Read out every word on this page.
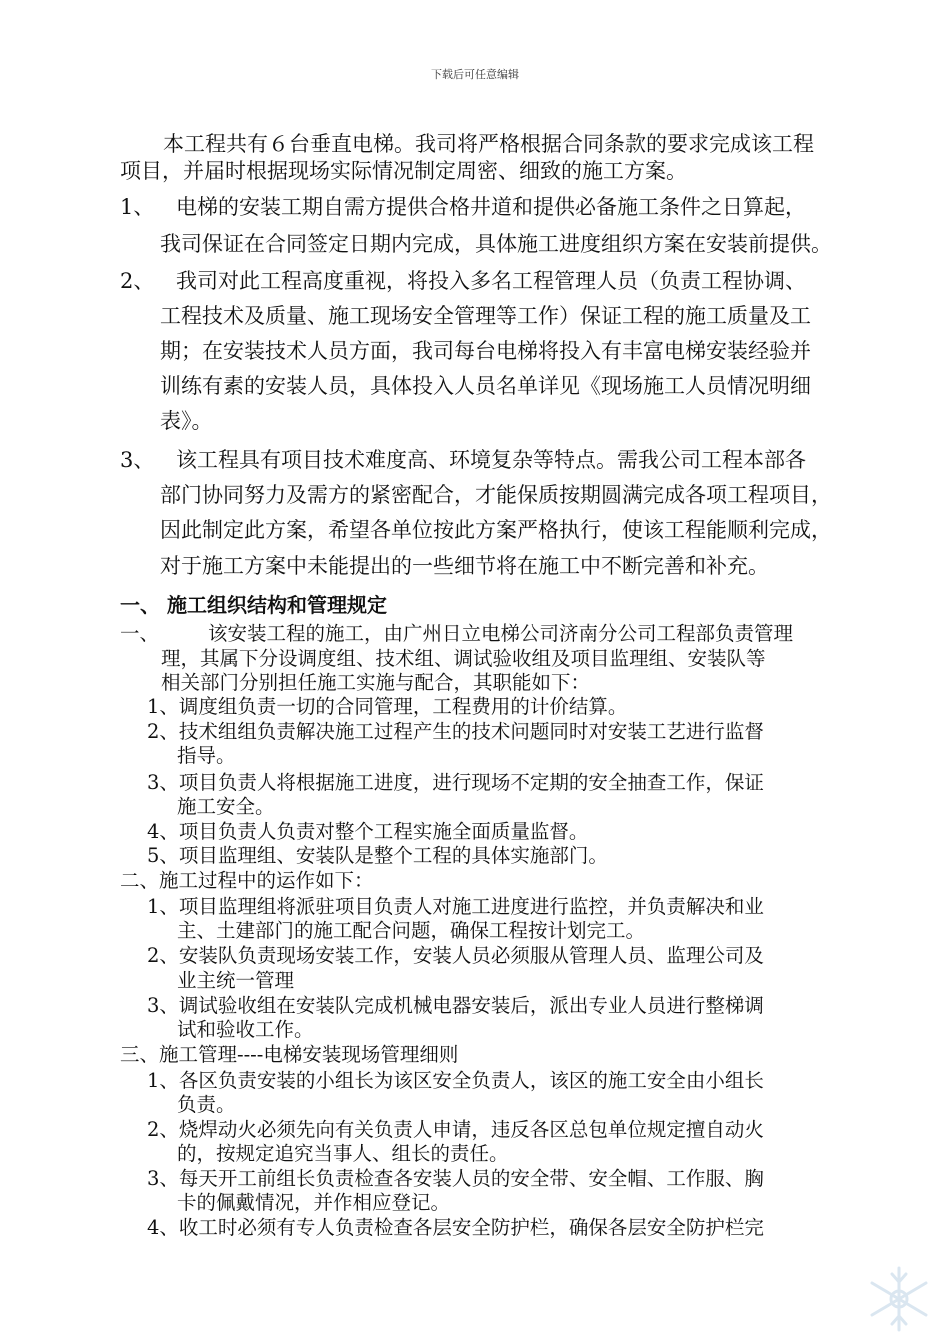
下载后可任意编辑
本工程共有６台垂直电梯。我司将严格根据合同条款的要求完成该工程
项目，并届时根据现场实际情况制定周密、细致的施工方案。
1、 电梯的安装工期自需方提供合格井道和提供必备施工条件之日算起，
我司保证在合同签定日期内完成，具体施工进度组织方案在安装前提供。
2、 我司对此工程高度重视，将投入多名工程管理人员（负责工程协调、
工程技术及质量、施工现场安全管理等工作）保证工程的施工质量及工
期；在安装技术人员方面，我司每台电梯将投入有丰富电梯安装经验并
训练有素的安装人员，具体投入人员名单详见《现场施工人员情况明细
表》。
3、 该工程具有项目技术难度高、环境复杂等特点。需我公司工程本部各
部门协同努力及需方的紧密配合，才能保质按期圆满完成各项工程项目，
因此制定此方案，希望各单位按此方案严格执行，使该工程能顺利完成，
对于施工方案中未能提出的一些细节将在施工中不断完善和补充。
一、 施工组织结构和管理规定
一、	该安装工程的施工，由广州日立电梯公司济南分公司工程部负责管理
理，其属下分设调度组、技术组、调试验收组及项目监理组、安装队等
相关部门分别担任施工实施与配合，其职能如下：
1、调度组负责一切的合同管理，工程费用的计价结算。
2、技术组组负责解决施工过程产生的技术问题同时对安装工艺进行监督
指导。
3、项目负责人将根据施工进度，进行现场不定期的安全抽查工作，保证
施工安全。
4、项目负责人负责对整个工程实施全面质量监督。
5、项目监理组、安装队是整个工程的具体实施部门。
二、施工过程中的运作如下：
1、项目监理组将派驻项目负责人对施工进度进行监控，并负责解决和业
主、土建部门的施工配合问题，确保工程按计划完工。
2、安装队负责现场安装工作，安装人员必须服从管理人员、监理公司及
业主统一管理
3、调试验收组在安装队完成机械电器安装后，派出专业人员进行整梯调
试和验收工作。
三、施工管理----电梯安装现场管理细则
1、各区负责安装的小组长为该区安全负责人，该区的施工安全由小组长
负责。
2、烧焊动火必须先向有关负责人申请，违反各区总包单位规定擅自动火
的，按规定追究当事人、组长的责任。
3、每天开工前组长负责检查各安装人员的安全带、安全帽、工作服、胸
卡的佩戴情况，并作相应登记。
4、收工时必须有专人负责检查各层安全防护栏，确保各层安全防护栏完
